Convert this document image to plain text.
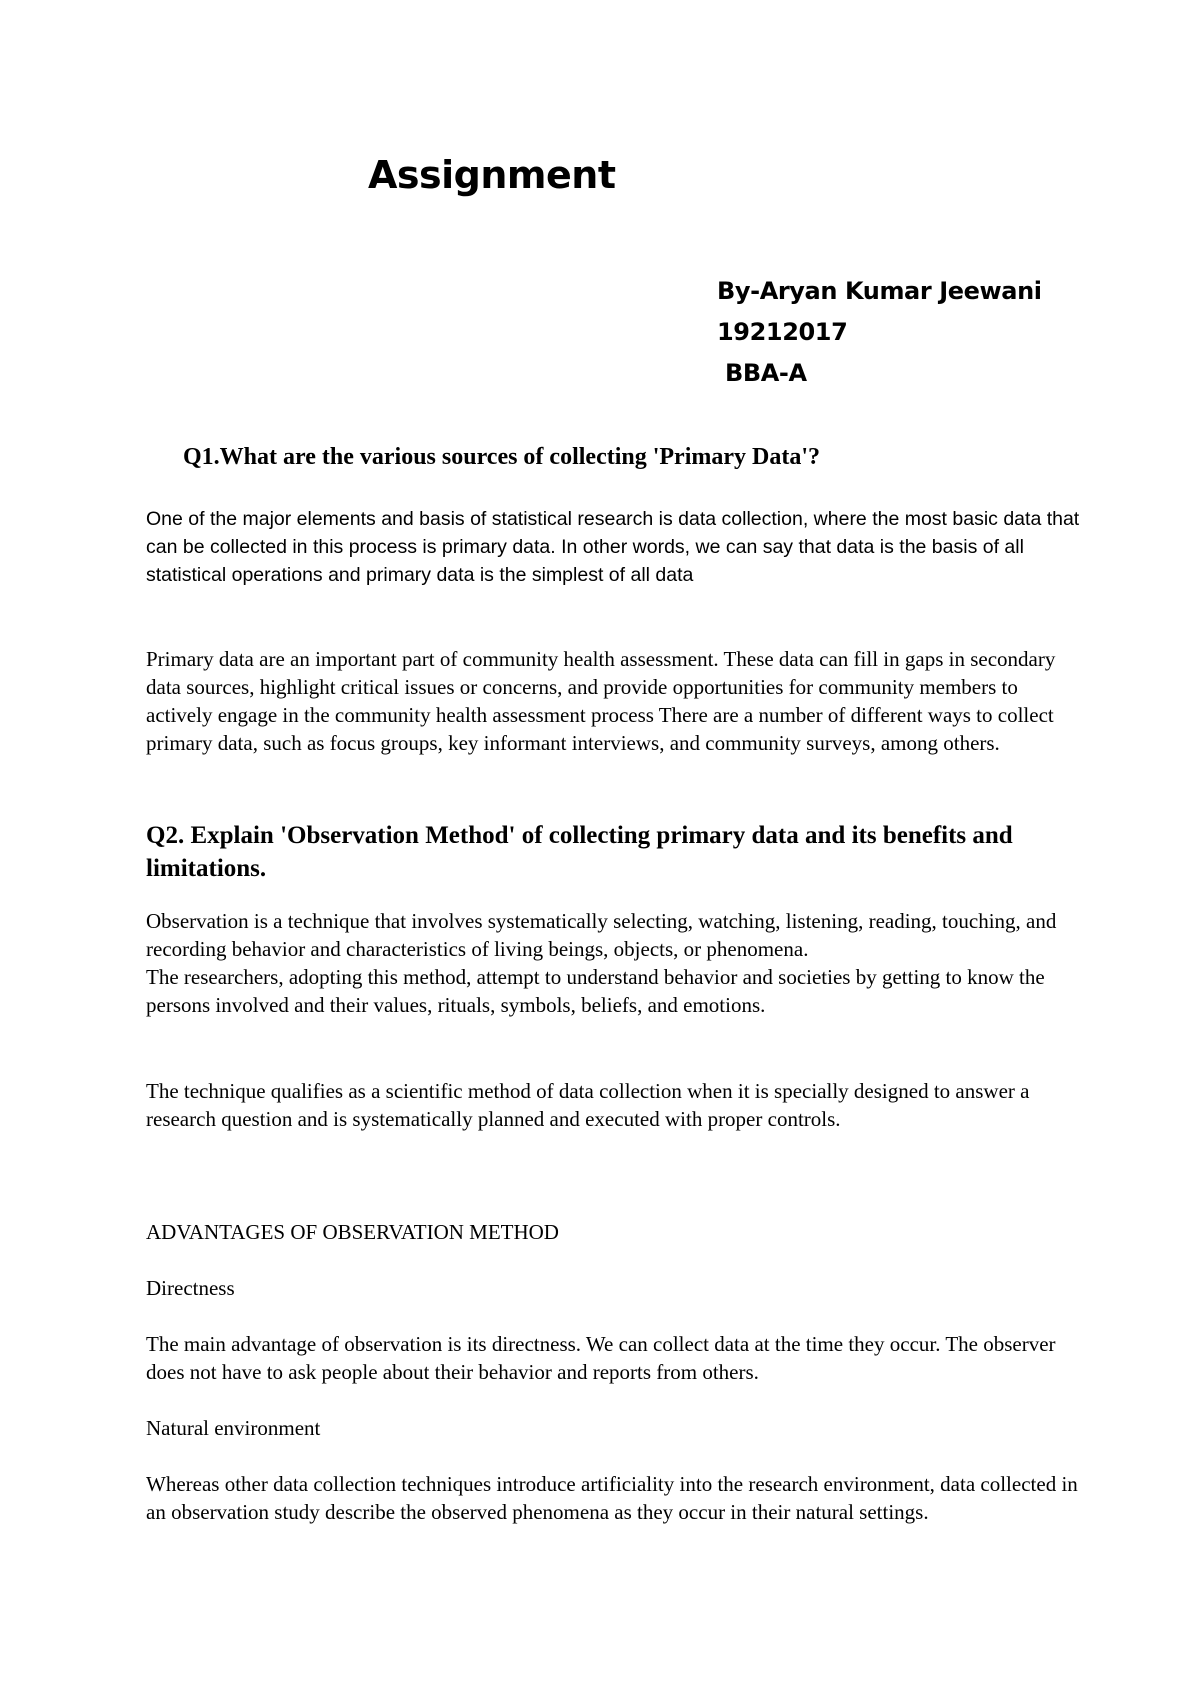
Assignment
By-Aryan Kumar Jeewani
19212017
BBA-A
Q1.What are the various sources of collecting 'Primary Data'?

One of the major elements and basis of statistical research is data collection, where the most basic data that can be collected in this process is primary data. In other words, we can say that data is the basis of all statistical operations and primary data is the simplest of all data

Primary data are an important part of community health assessment. These data can fill in gaps in secondary data sources, highlight critical issues or concerns, and provide opportunities for community members to actively engage in the community health assessment process There are a number of different ways to collect primary data, such as focus groups, key informant interviews, and community surveys, among others.

Q2. Explain 'Observation Method' of collecting primary data and its benefits and limitations.
Observation is a technique that involves systematically selecting, watching, listening, reading, touching, and recording behavior and characteristics of living beings, objects, or phenomena.
The researchers, adopting this method, attempt to understand behavior and societies by getting to know the persons involved and their values, rituals, symbols, beliefs, and emotions.

The technique qualifies as a scientific method of data collection when it is specially designed to answer a research question and is systematically planned and executed with proper controls.

ADVANTAGES OF OBSERVATION METHOD

Directness

The main advantage of observation is its directness. We can collect data at the time they occur. The observer does not have to ask people about their behavior and reports from others.

Natural environment

Whereas other data collection techniques introduce artificiality into the research environment, data collected in an observation study describe the observed phenomena as they occur in their natural settings.
